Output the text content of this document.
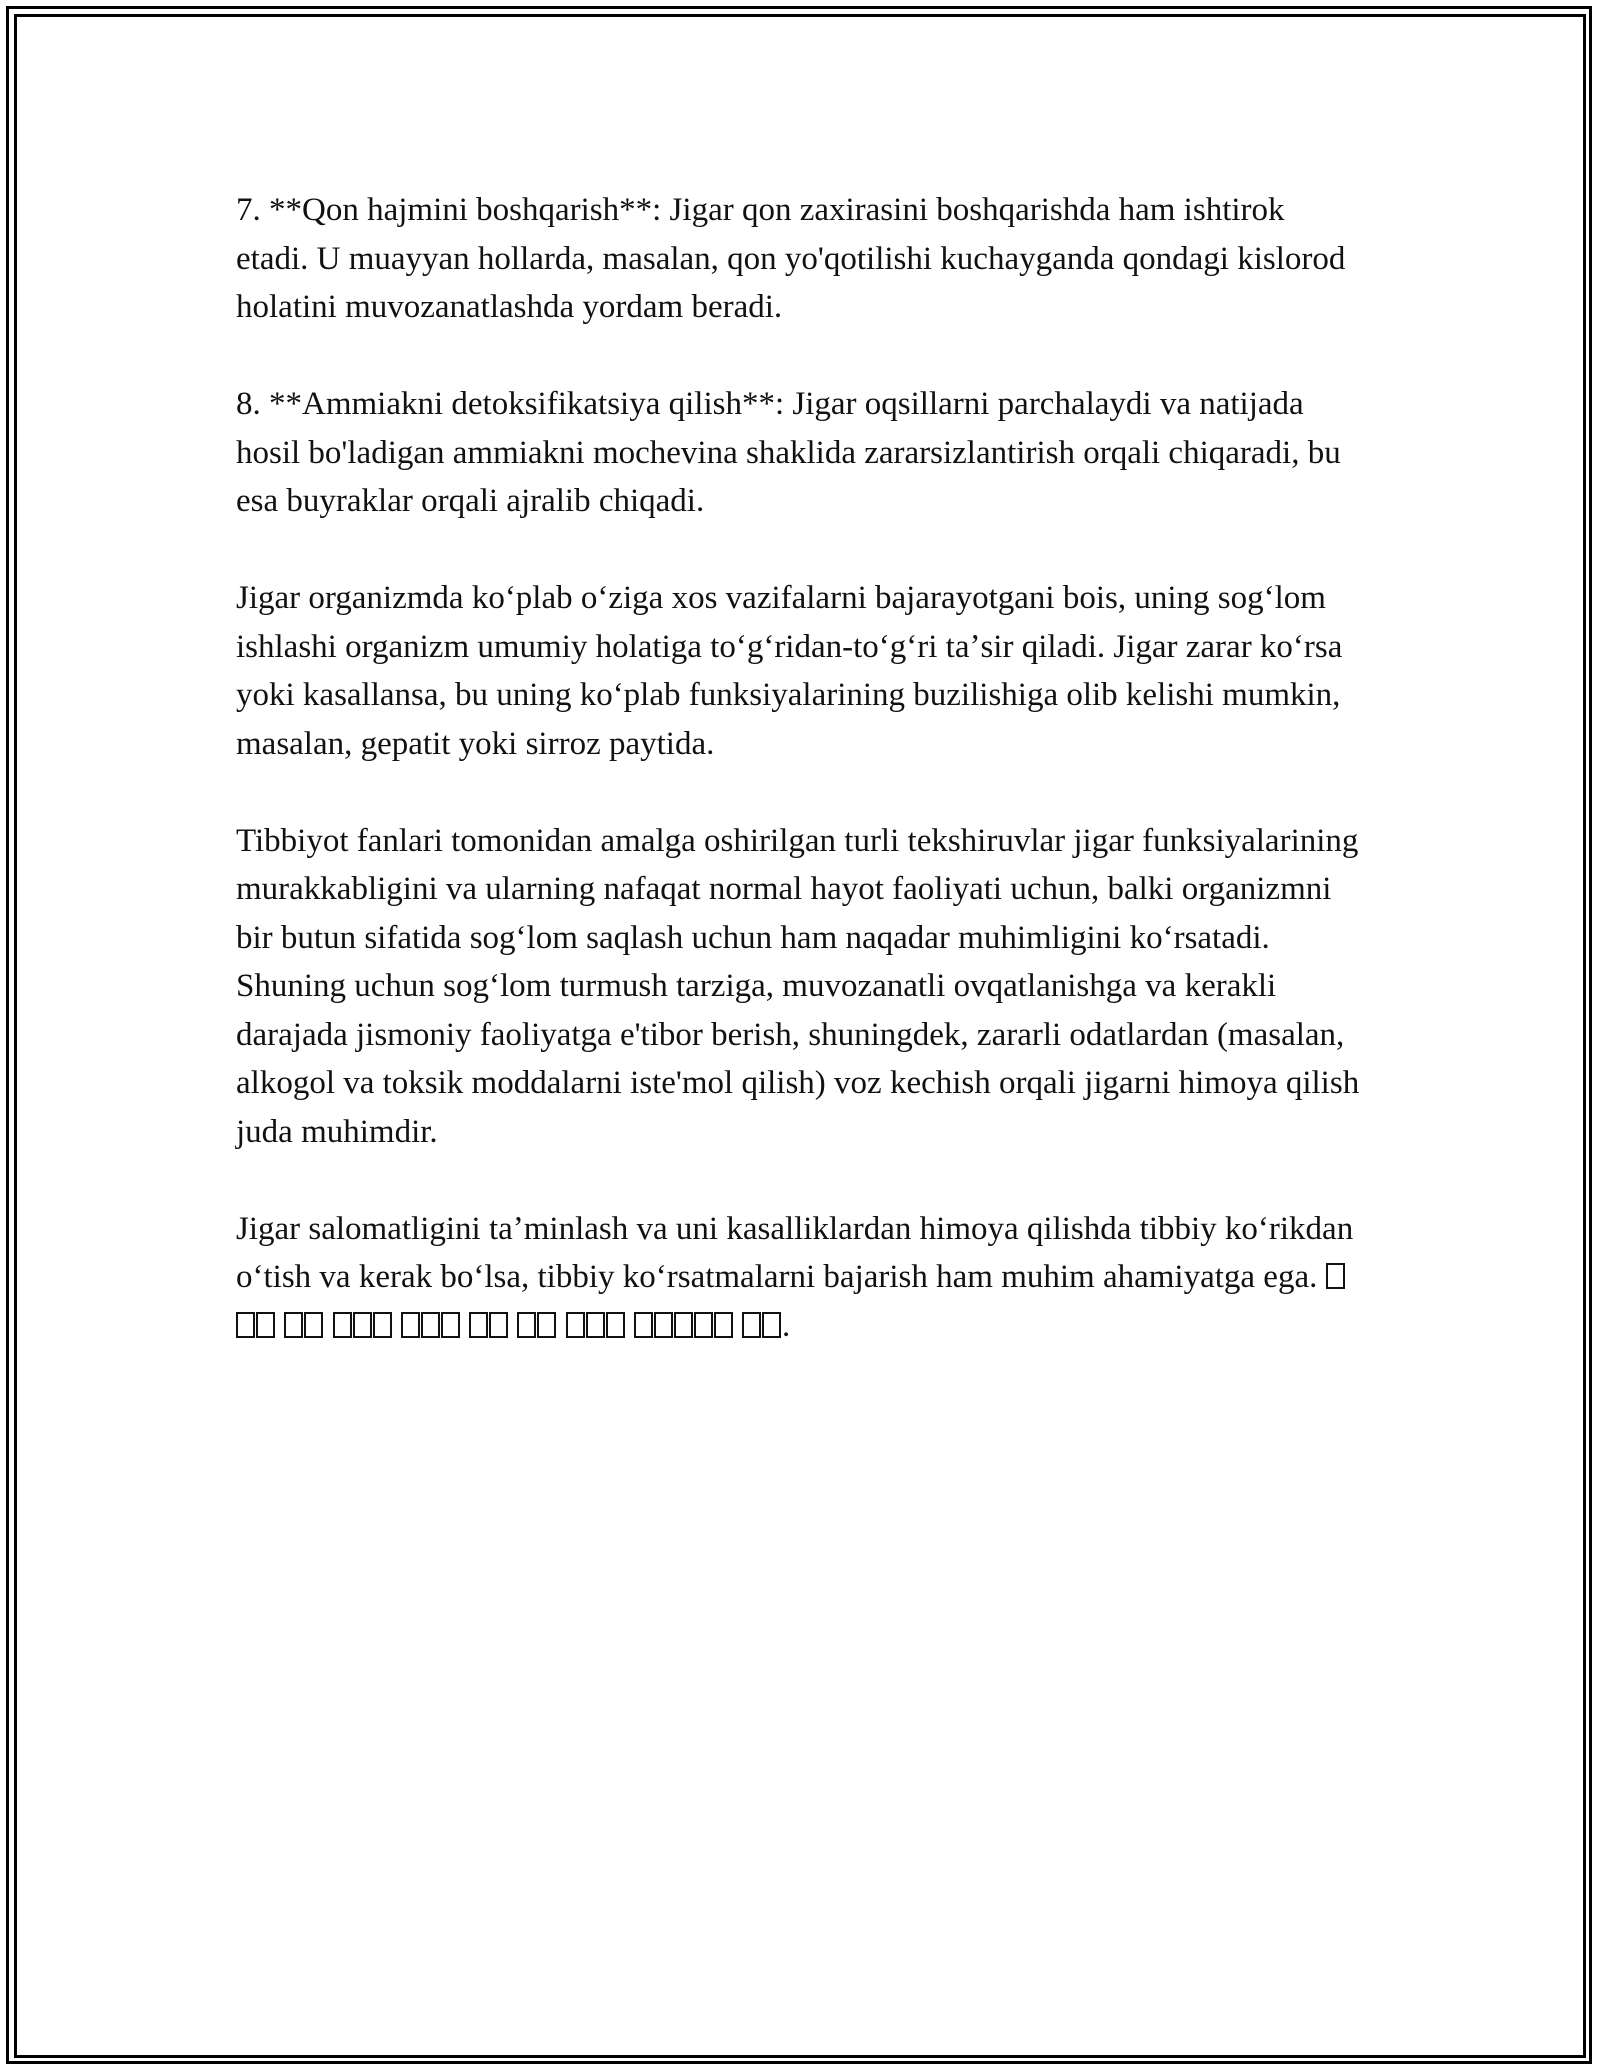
7. **Qon hajmini boshqarish**: Jigar qon zaxirasini boshqarishda ham ishtirok etadi. U muayyan hollarda, masalan, qon yo'qotilishi kuchayganda qondagi kislorod holatini muvozanatlashda yordam beradi.

8. **Ammiakni detoksifikatsiya qilish**: Jigar oqsillarni parchalaydi va natijada hosil bo'ladigan ammiakni mochevina shaklida zararsizlantirish orqali chiqaradi, bu esa buyraklar orqali ajralib chiqadi.

Jigar organizmda koʻplab oʻziga xos vazifalarni bajarayotgani bois, uning sogʻlom ishlashi organizm umumiy holatiga toʻgʻridan-toʻgʻri taʼsir qiladi. Jigar zarar koʻrsa yoki kasallansa, bu uning koʻplab funksiyalarining buzilishiga olib kelishi mumkin, masalan, gepatit yoki sirroz paytida.

Tibbiyot fanlari tomonidan amalga oshirilgan turli tekshiruvlar jigar funksiyalarining murakkabligini va ularning nafaqat normal hayot faoliyati uchun, balki organizmni bir butun sifatida sogʻlom saqlash uchun ham naqadar muhimligini koʻrsatadi. Shuning uchun sogʻlom turmush tarziga, muvozanatli ovqatlanishga va kerakli darajada jismoniy faoliyatga e'tibor berish, shuningdek, zararli odatlardan (masalan, alkogol va toksik moddalarni iste'mol qilish) voz kechish orqali jigarni himoya qilish juda muhimdir.

Jigar salomatligini taʼminlash va uni kasalliklardan himoya qilishda tibbiy koʻrikdan oʻtish va kerak boʻlsa, tibbiy koʻrsatmalarni bajarish ham muhim ahamiyatga ega.         .
